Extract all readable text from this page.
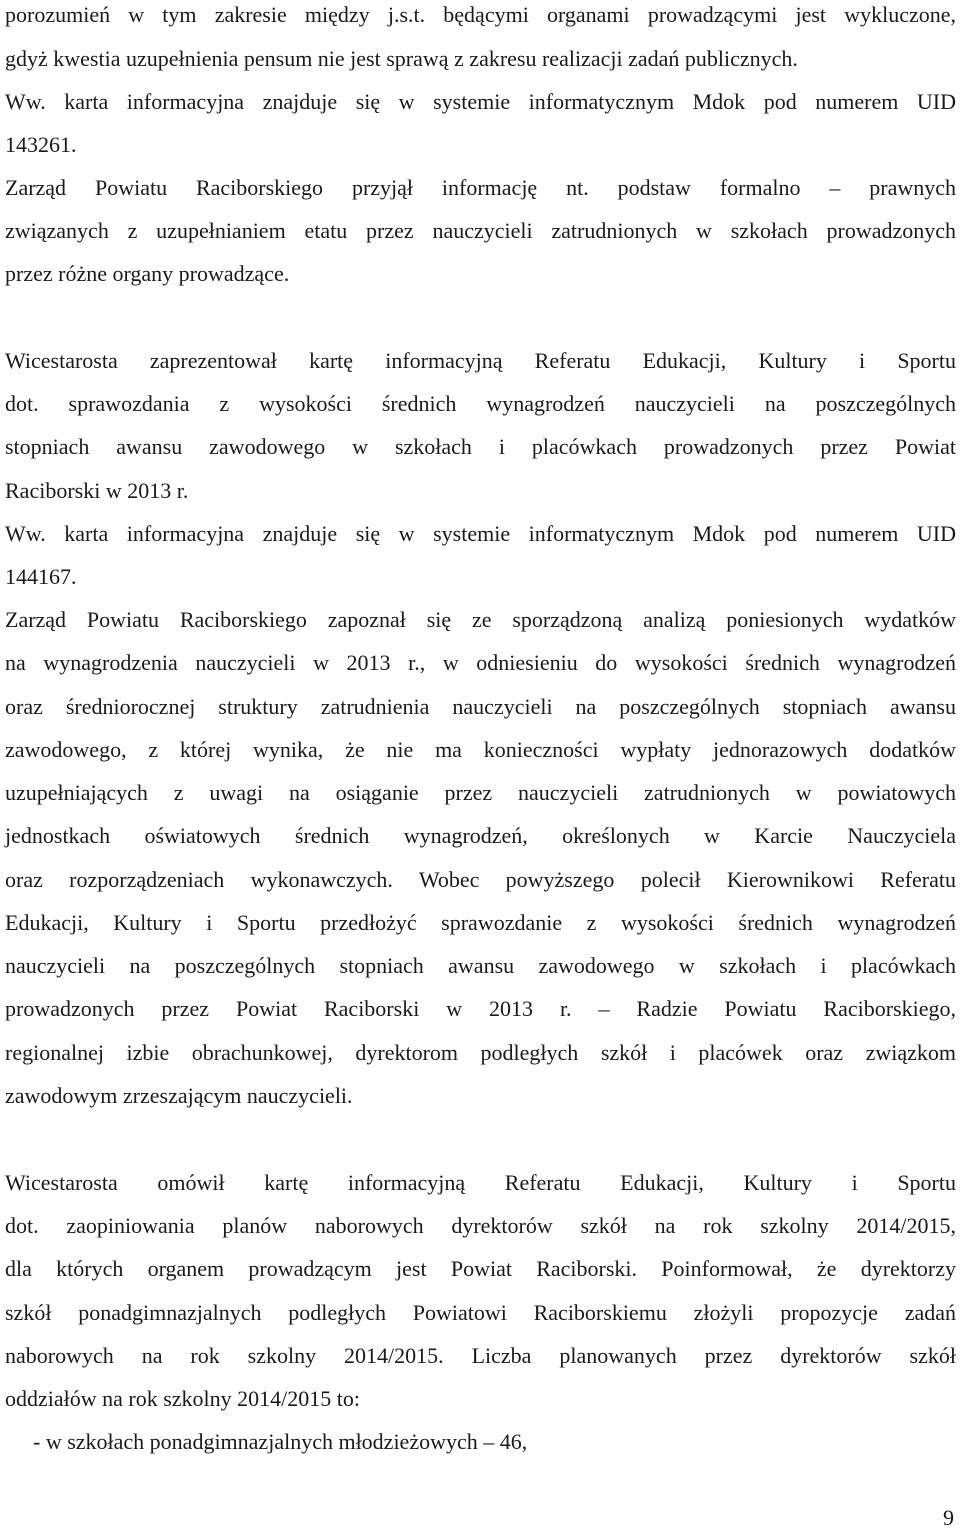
porozumień w tym zakresie między j.s.t. będącymi organami prowadzącymi jest wykluczone,
gdyż kwestia uzupełnienia pensum nie jest sprawą z zakresu realizacji zadań publicznych.
Ww. karta informacyjna znajduje się w systemie informatycznym Mdok pod numerem UID
143261.
Zarząd Powiatu Raciborskiego przyjął informację nt. podstaw formalno – prawnych
związanych z uzupełnianiem etatu przez nauczycieli zatrudnionych w szkołach prowadzonych
przez różne organy prowadzące.
Wicestarosta zaprezentował kartę informacyjną Referatu Edukacji, Kultury i Sportu
dot. sprawozdania z wysokości średnich wynagrodzeń nauczycieli na poszczególnych
stopniach awansu zawodowego w szkołach i placówkach prowadzonych przez Powiat
Raciborski w 2013 r.
Ww. karta informacyjna znajduje się w systemie informatycznym Mdok pod numerem UID
144167.
Zarząd Powiatu Raciborskiego zapoznał się ze sporządzoną analizą poniesionych wydatków
na wynagrodzenia nauczycieli w 2013 r., w odniesieniu do wysokości średnich wynagrodzeń
oraz średniorocznej struktury zatrudnienia nauczycieli na poszczególnych stopniach awansu
zawodowego, z której wynika, że nie ma konieczności wypłaty jednorazowych dodatków
uzupełniających z uwagi na osiąganie przez nauczycieli zatrudnionych w powiatowych
jednostkach oświatowych średnich wynagrodzeń, określonych w Karcie Nauczyciela
oraz rozporządzeniach wykonawczych. Wobec powyższego polecił Kierownikowi Referatu
Edukacji, Kultury i Sportu przedłożyć sprawozdanie z wysokości średnich wynagrodzeń
nauczycieli na poszczególnych stopniach awansu zawodowego w szkołach i placówkach
prowadzonych przez Powiat Raciborski w 2013 r. – Radzie Powiatu Raciborskiego,
regionalnej izbie obrachunkowej, dyrektorom podległych szkół i placówek oraz związkom
zawodowym zrzeszającym nauczycieli.
Wicestarosta omówił kartę informacyjną Referatu Edukacji, Kultury i Sportu
dot. zaopiniowania planów naborowych dyrektorów szkół na rok szkolny 2014/2015,
dla których organem prowadzącym jest Powiat Raciborski. Poinformował, że dyrektorzy
szkół ponadgimnazjalnych podległych Powiatowi Raciborskiemu złożyli propozycje zadań
naborowych na rok szkolny 2014/2015. Liczba planowanych przez dyrektorów szkół
oddziałów na rok szkolny 2014/2015 to:
- w szkołach ponadgimnazjalnych młodzieżowych – 46,
9
